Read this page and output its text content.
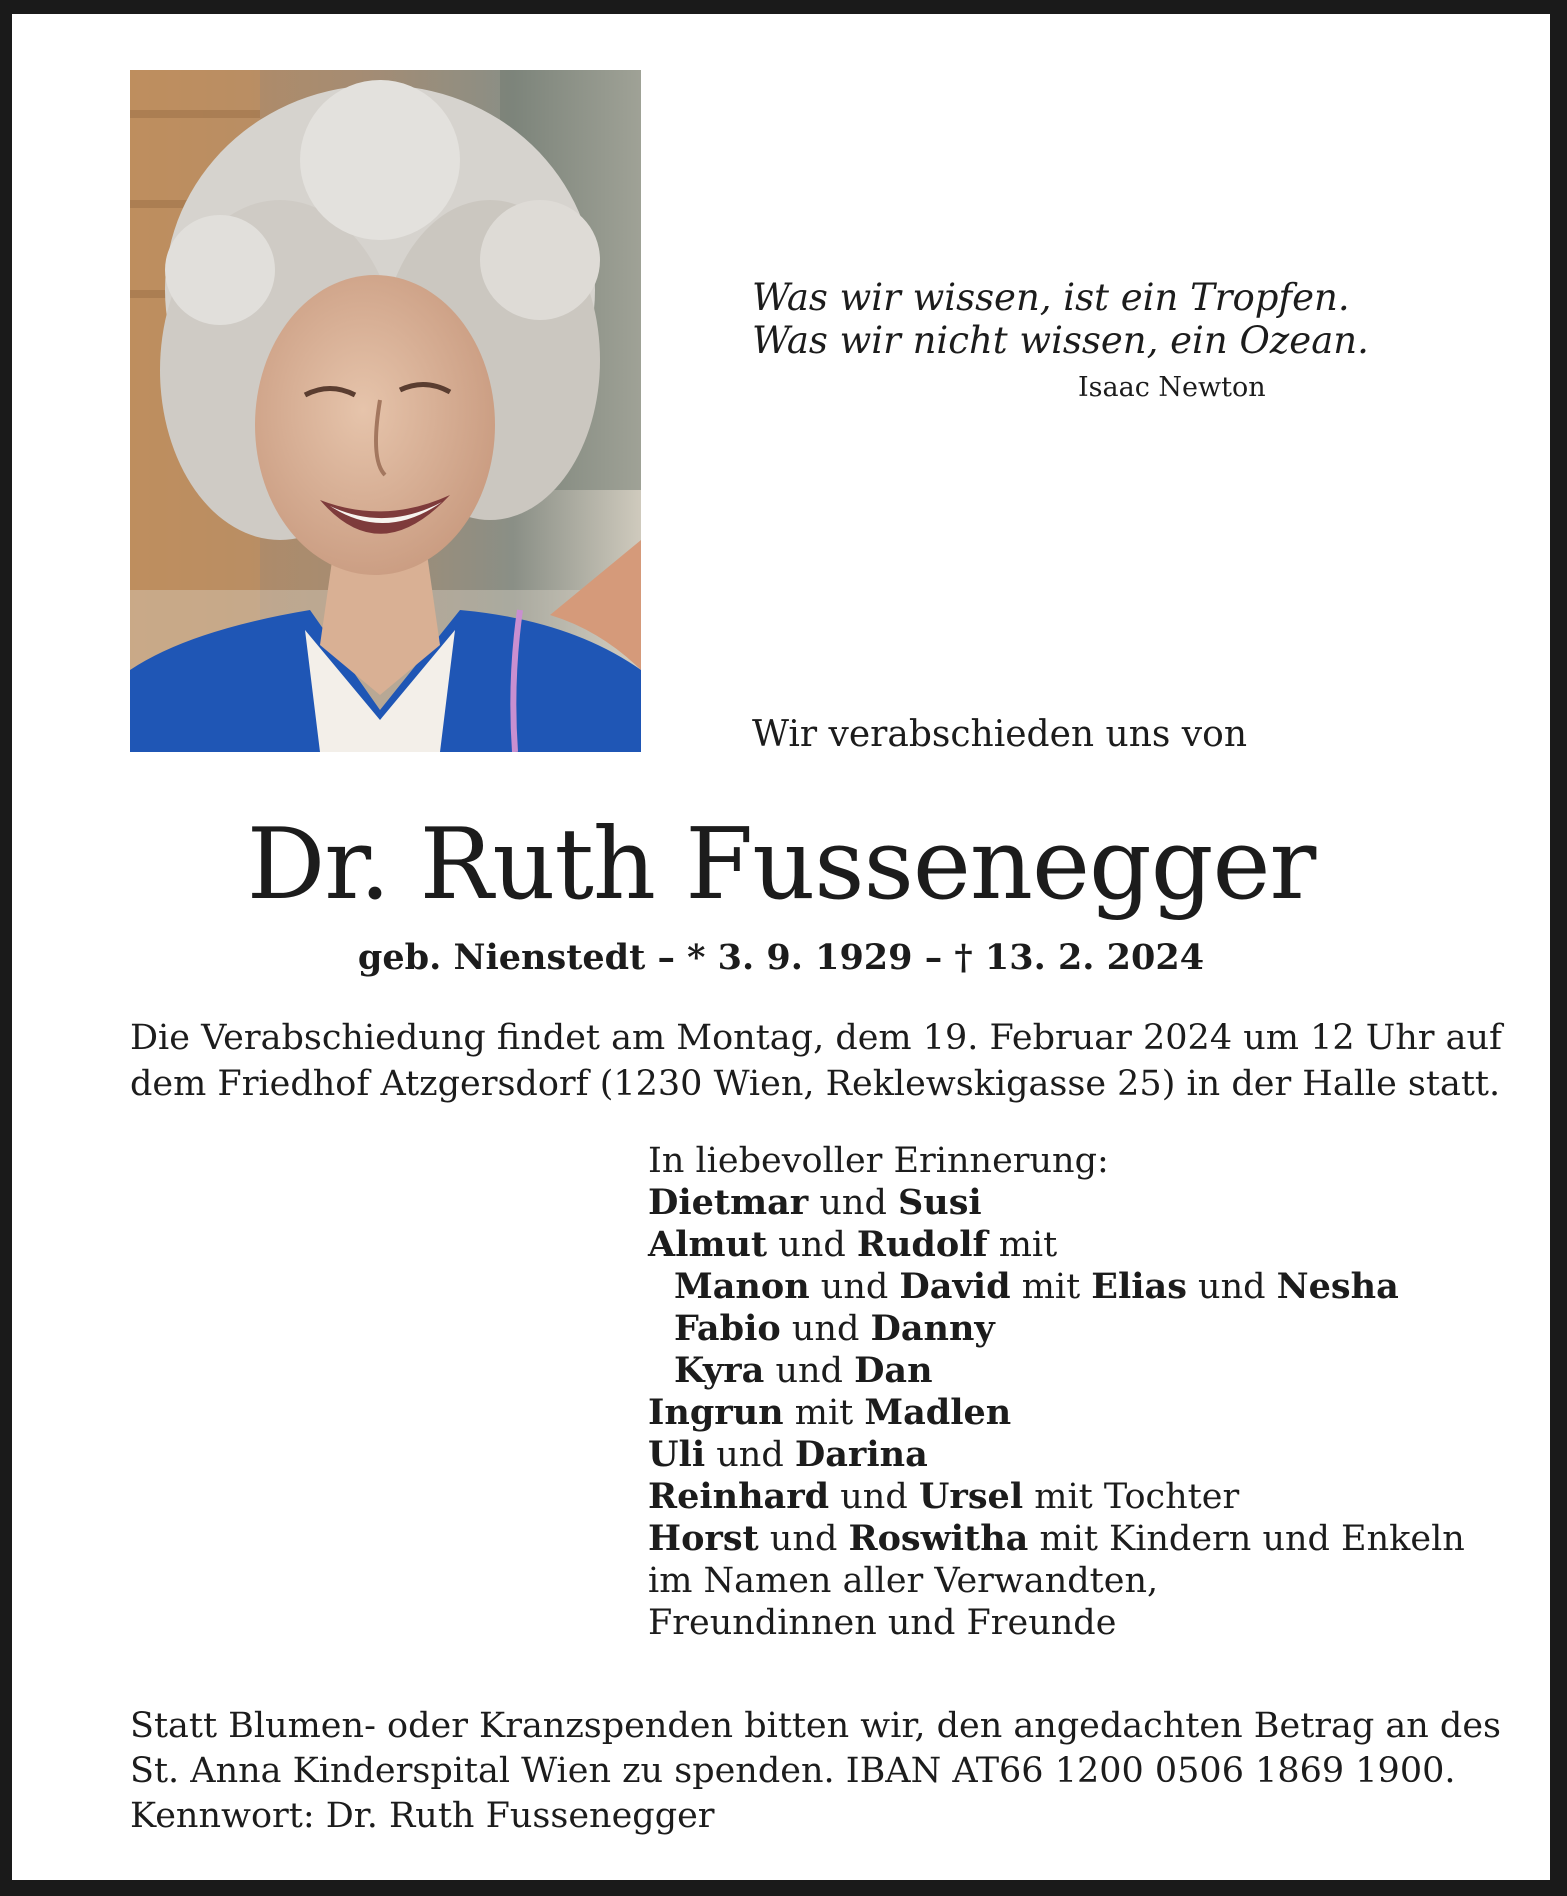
Was wir wissen, ist ein Tropfen.
Was wir nicht wissen, ein Ozean.
Isaac Newton
Wir verabschieden uns von
Dr. Ruth Fussenegger
geb. Nienstedt – * 3. 9. 1929 – † 13. 2. 2024
Die Verabschiedung findet am Montag, dem 19. Februar 2024 um 12 Uhr auf
dem Friedhof Atzgersdorf (1230 Wien, Reklewskigasse 25) in der Halle statt.
In liebevoller Erinnerung:
Dietmar und Susi
Almut und Rudolf mit
Manon und David mit Elias und Nesha
Fabio und Danny
Kyra und Dan
Ingrun mit Madlen
Uli und Darina
Reinhard und Ursel mit Tochter
Horst und Roswitha mit Kindern und Enkeln
im Namen aller Verwandten,
Freundinnen und Freunde
Statt Blumen- oder Kranzspenden bitten wir, den angedachten Betrag an des
St. Anna Kinderspital Wien zu spenden. IBAN AT66 1200 0506 1869 1900.
Kennwort: Dr. Ruth Fussenegger
